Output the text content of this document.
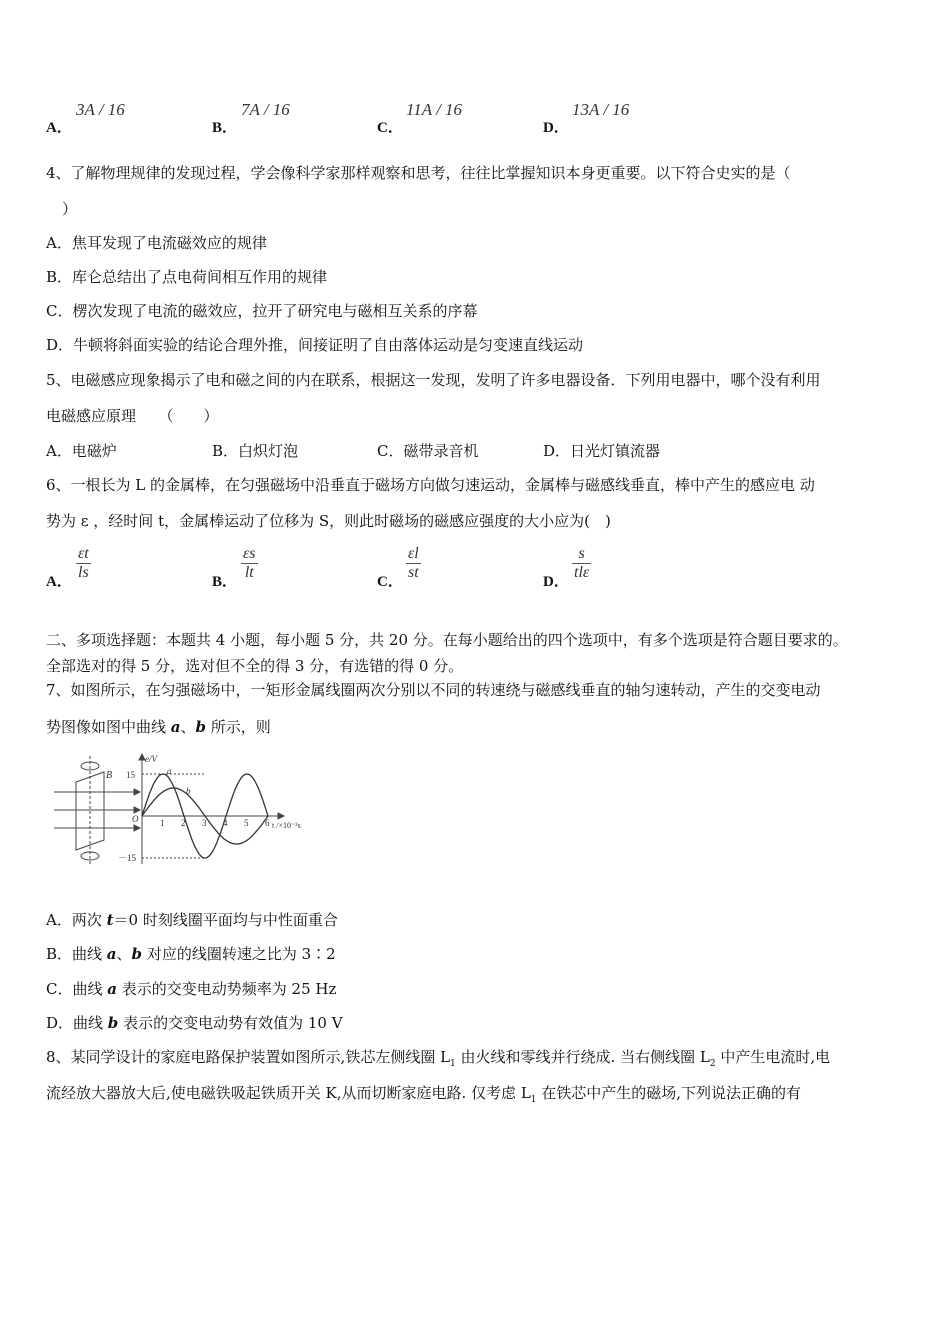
A．
3A / 16
B．
7A / 16
C．
11A / 16
D．
13A / 16
4、了解物理规律的发现过程，学会像科学家那样观察和思考，往往比掌握知识本身更重要。以下符合史实的是（
）
A．焦耳发现了电流磁效应的规律
B．库仑总结出了点电荷间相互作用的规律
C．楞次发现了电流的磁效应，拉开了研究电与磁相互关系的序幕
D．牛顿将斜面实验的结论合理外推，间接证明了自由落体运动是匀变速直线运动
5、电磁感应现象揭示了电和磁之间的内在联系，根据这一发现，发明了许多电器设备．下列用电器中，哪个没有利用
电磁感应原理　　（　　）
A．电磁炉	B．白炽灯泡	C．磁带录音机	D．日光灯镇流器
6、一根长为 L 的金属棒，在匀强磁场中沿垂直于磁场方向做匀速运动，金属棒与磁感线垂直，棒中产生的感应电 动
势为 ε ，经时间 t，金属棒运动了位移为 S，则此时磁场的磁感应强度的大小应为(　)
A． $\frac{\varepsilon t}{ls}$	B． $\frac{\varepsilon s}{lt}$	C． $\frac{\varepsilon l}{st}$	D．
s
tlε
二、多项选择题：本题共 4 小题，每小题 5 分，共 20 分。在每小题给出的四个选项中，有多个选项是符合题目要求的。
全部选对的得 5 分，选对但不全的得 3 分，有选错的得 0 分。
7、如图所示，在匀强磁场中，一矩形金属线圈两次分别以不同的转速绕与磁感线垂直的轴匀速转动，产生的交变电动
势图像如图中曲线 a、b 所示，则
B
e/V
t /×10⁻²s
15
－15
O 1 2 3 4 5 6
a
b
A．两次 t＝0 时刻线圈平面均与中性面重合
B．曲线 a、b 对应的线圈转速之比为 3∶2
C．曲线 a 表示的交变电动势频率为 25 Hz
D．曲线 b 表示的交变电动势有效值为 10 V
8、某同学设计的家庭电路保护装置如图所示,铁芯左侧线圈 $L_1$ 由火线和零线并行绕成. 当右侧线圈 $L_2$ 中产生电流时,电
流经放大器放大后,使电磁铁吸起铁质开关 K,从而切断家庭电路. 仅考虑 $L_1$ 在铁芯中产生的磁场,下列说法正确的有
